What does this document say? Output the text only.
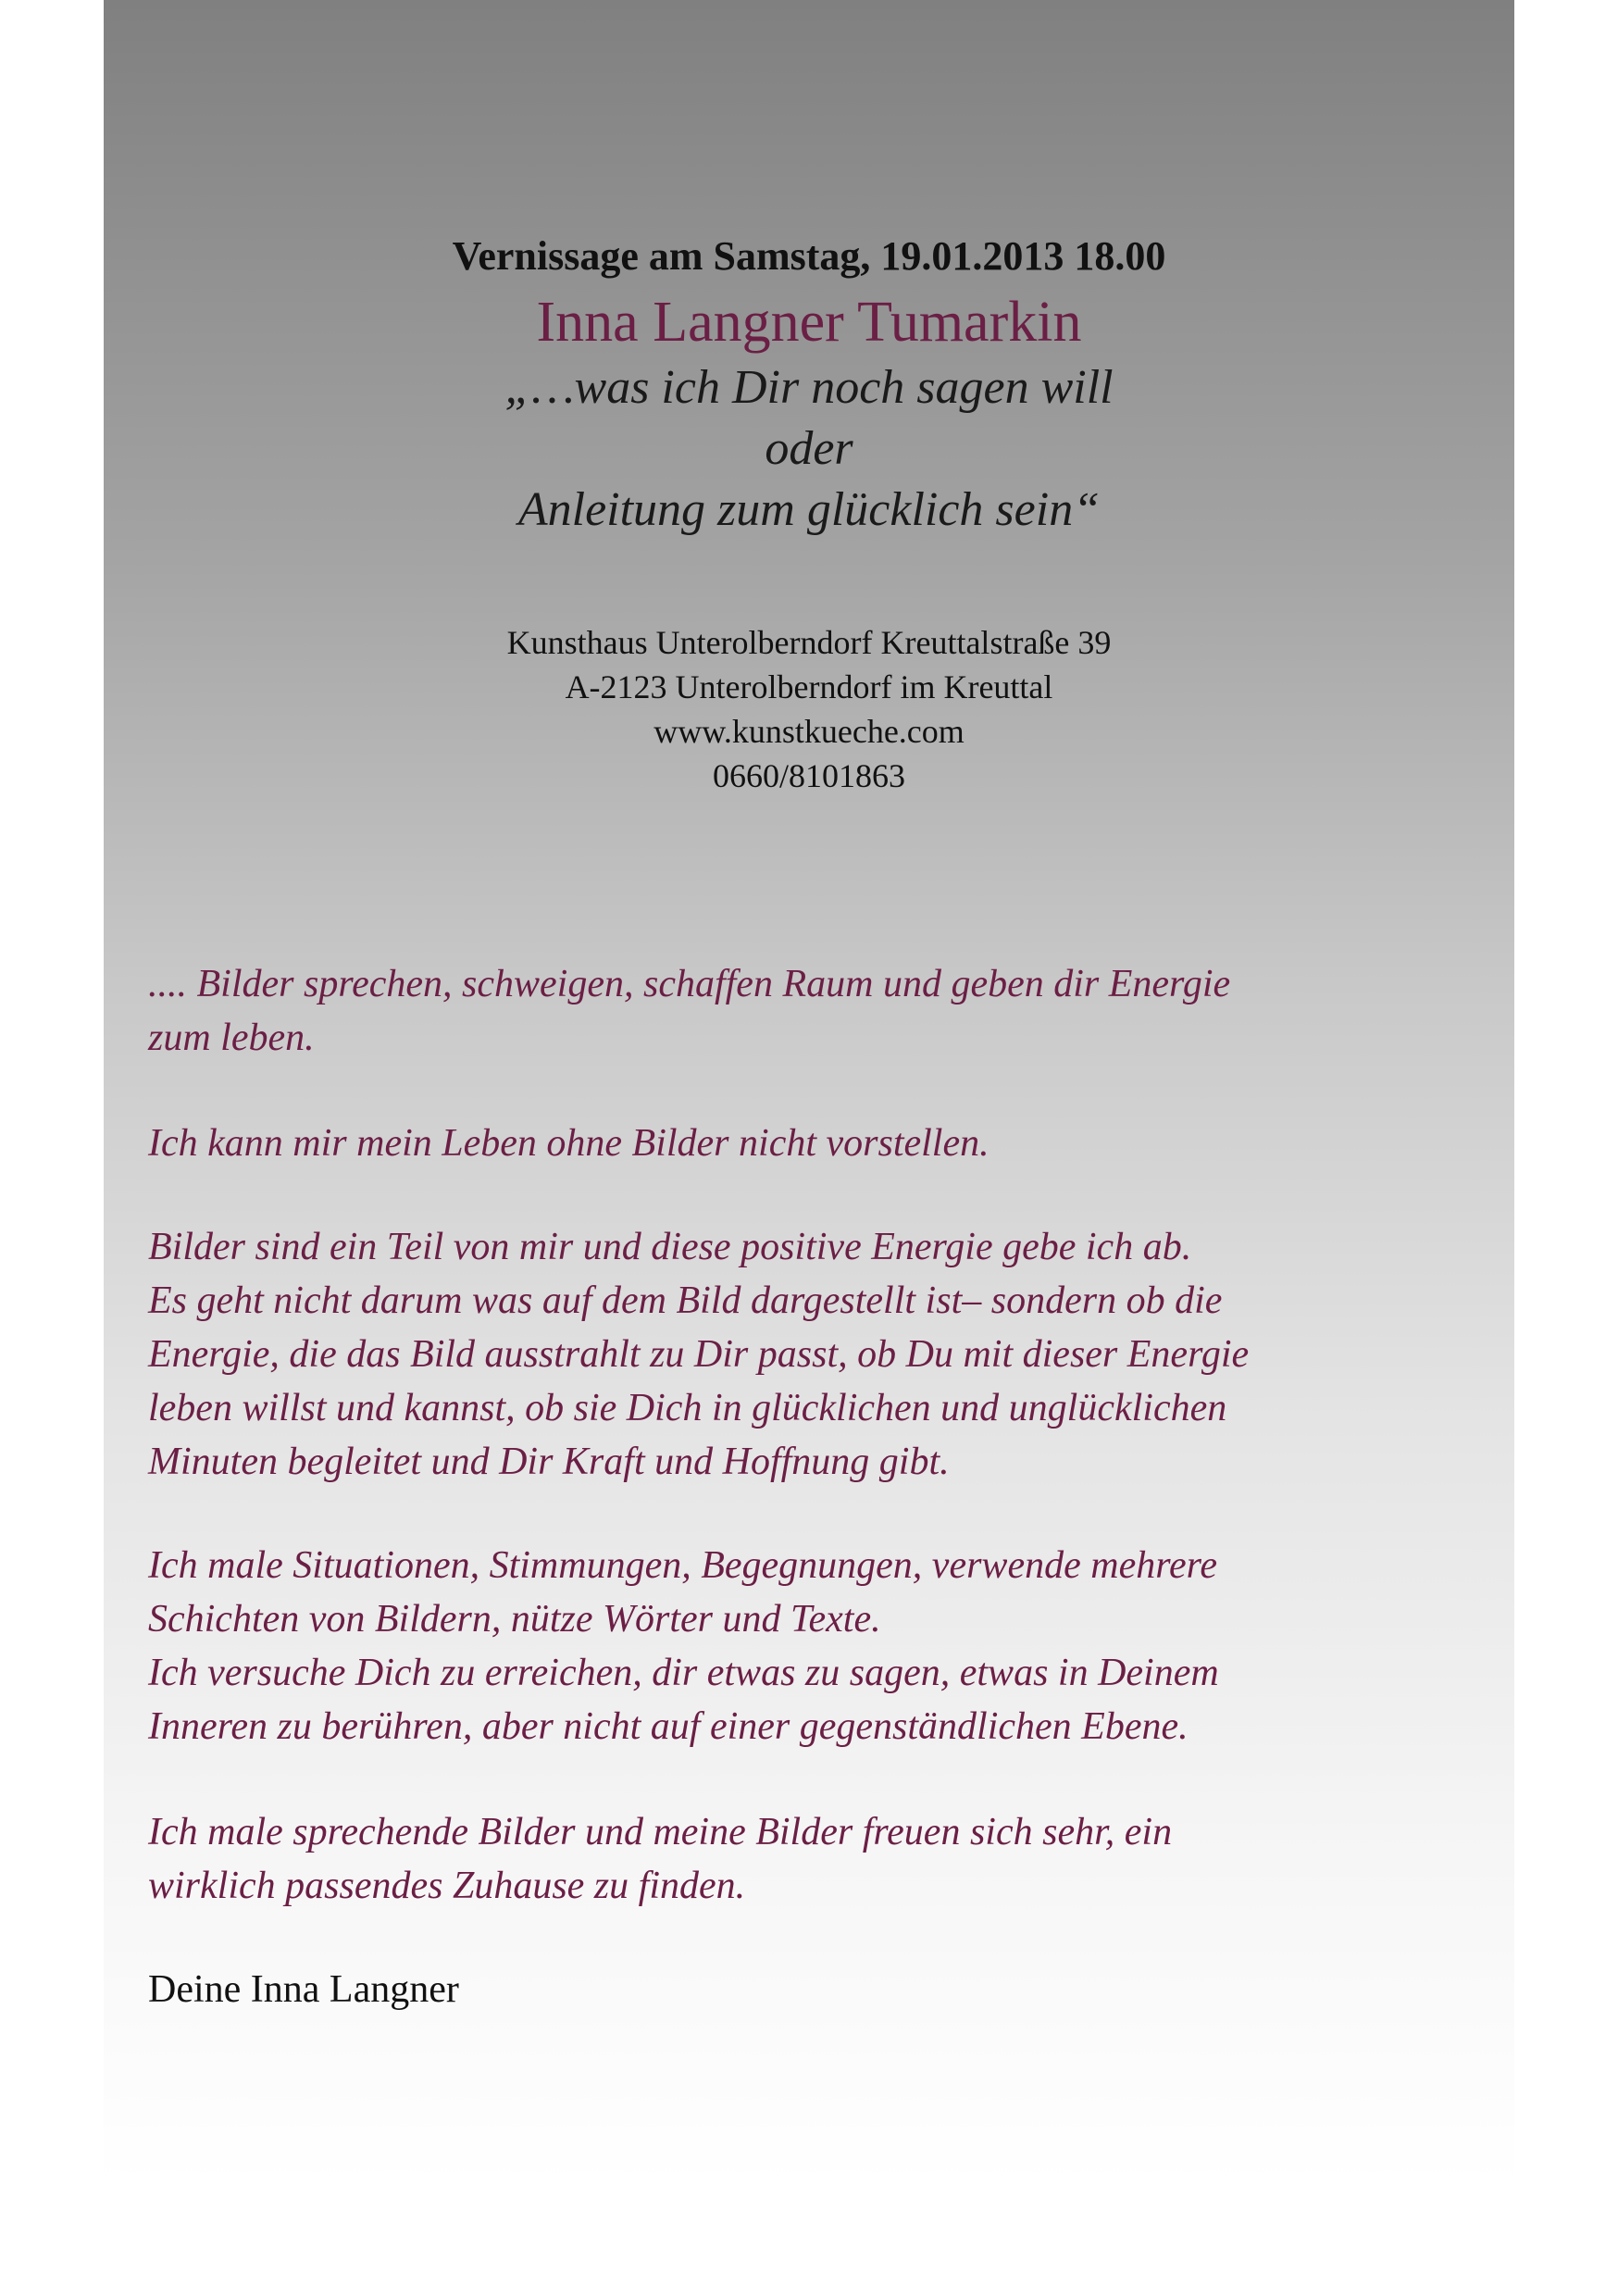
Vernissage am Samstag, 19.01.2013 18.00
Inna Langner Tumarkin
„…was ich Dir noch sagen will
oder
Anleitung zum glücklich sein“
Kunsthaus Unterolberndorf Kreuttalstraße 39
A-2123 Unterolberndorf im Kreuttal
www.kunstkueche.com
0660/8101863
.... Bilder sprechen, schweigen, schaffen Raum und geben dir Energie
zum leben.
Ich kann mir mein Leben ohne Bilder nicht vorstellen.
Bilder sind ein Teil von mir und diese positive Energie gebe ich ab.
Es geht nicht darum was auf dem Bild dargestellt ist– sondern ob die
Energie, die das Bild ausstrahlt zu Dir passt, ob Du mit dieser Energie
leben willst und kannst, ob sie Dich in glücklichen und unglücklichen
Minuten begleitet und Dir Kraft und Hoffnung gibt.
Ich male Situationen, Stimmungen, Begegnungen, verwende mehrere
Schichten von Bildern, nütze Wörter und Texte.
Ich versuche Dich zu erreichen, dir etwas zu sagen, etwas in Deinem
Inneren zu berühren, aber nicht auf einer gegenständlichen Ebene.
Ich male sprechende Bilder und meine Bilder freuen sich sehr, ein
wirklich passendes Zuhause zu finden.
Deine Inna Langner
